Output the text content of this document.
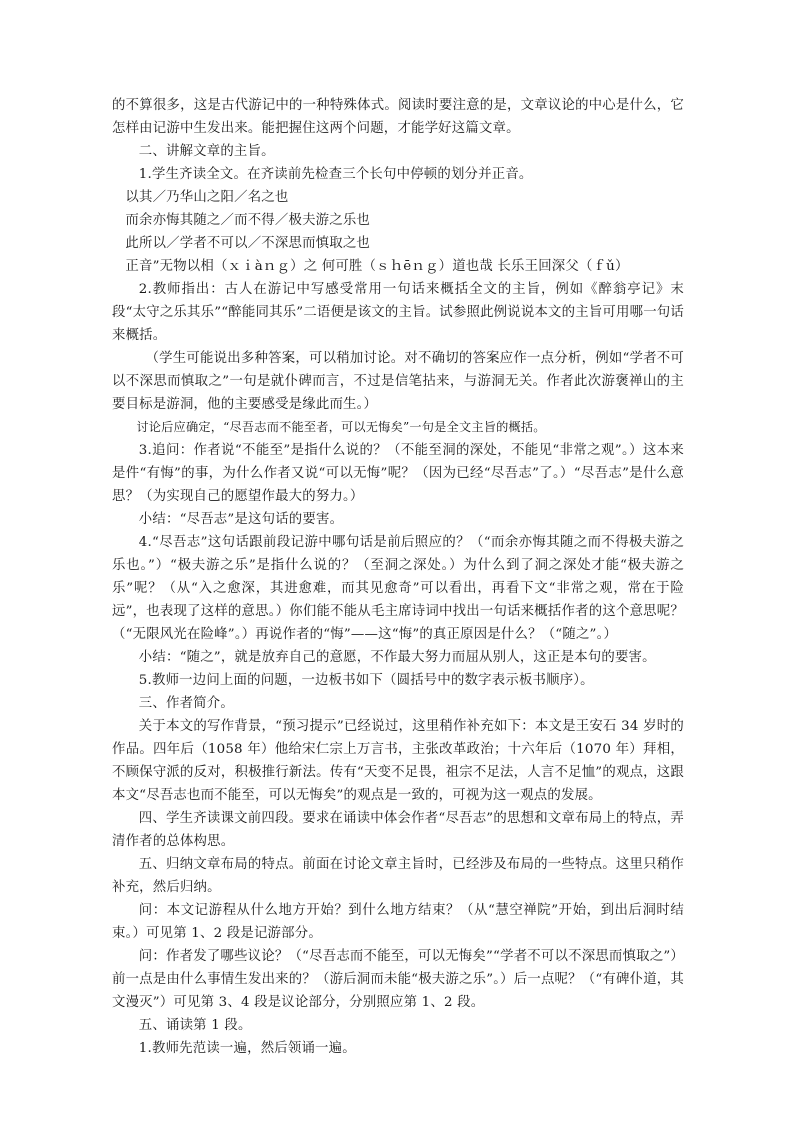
的不算很多，这是古代游记中的一种特殊体式。阅读时要注意的是，文章议论的中心是什么，它怎样由记游中生发出来。能把握住这两个问题，才能学好这篇文章。

二、讲解文章的主旨。

1.学生齐读全文。在齐读前先检查三个长句中停顿的划分并正音。

以其／乃华山之阳／名之也

而余亦悔其随之／而不得／极夫游之乐也

此所以／学者不可以／不深思而慎取之也

正音”无物以相（ｘｉàｎｇ）之 何可胜（ｓｈēｎｇ）道也哉 长乐王回深父（ｆǔ）

2.教师指出：古人在游记中写感受常用一句话来概括全文的主旨，例如《醉翁亭记》末段“太守之乐其乐”“醉能同其乐”二语便是该文的主旨。试参照此例说说本文的主旨可用哪一句话来概括。

（学生可能说出多种答案，可以稍加讨论。对不确切的答案应作一点分析，例如“学者不可以不深思而慎取之”一句是就仆碑而言，不过是信笔拈来，与游洞无关。作者此次游褒禅山的主要目标是游洞，他的主要感受是缘此而生。）

讨论后应确定，“尽吾志而不能至者，可以无悔矣”一句是全文主旨的概括。

3.追问：作者说“不能至”是指什么说的？（不能至洞的深处，不能见“非常之观”。）这本来是件“有悔”的事，为什么作者又说“可以无悔”呢？（因为已经“尽吾志”了。）“尽吾志”是什么意思？（为实现自己的愿望作最大的努力。）

小结：“尽吾志”是这句话的要害。

4.“尽吾志”这句话跟前段记游中哪句话是前后照应的？（“而余亦悔其随之而不得极夫游之乐也。”）“极夫游之乐”是指什么说的？（至洞之深处。）为什么到了洞之深处才能“极夫游之乐”呢？（从“入之愈深，其进愈难，而其见愈奇”可以看出，再看下文“非常之观，常在于险远”，也表现了这样的意思。）你们能不能从毛主席诗词中找出一句话来概括作者的这个意思呢？（“无限风光在险峰”。）再说作者的“悔”——这“悔”的真正原因是什么？（“随之”。）

小结：“随之”，就是放弃自己的意愿，不作最大努力而屈从别人，这正是本句的要害。

5.教师一边问上面的问题，一边板书如下（圆括号中的数字表示板书顺序）。

三、作者简介。

关于本文的写作背景，“预习提示”已经说过，这里稍作补充如下：本文是王安石 34 岁时的作品。四年后（1058 年）他给宋仁宗上万言书，主张改革政治；十六年后（1070 年）拜相，不顾保守派的反对，积极推行新法。传有“天变不足畏，祖宗不足法，人言不足恤”的观点，这跟本文“尽吾志也而不能至，可以无悔矣”的观点是一致的，可视为这一观点的发展。

四、学生齐读课文前四段。要求在诵读中体会作者“尽吾志”的思想和文章布局上的特点，弄清作者的总体构思。

五、归纳文章布局的特点。前面在讨论文章主旨时，已经涉及布局的一些特点。这里只稍作补充，然后归纳。

问：本文记游程从什么地方开始？到什么地方结束？（从“慧空禅院”开始，到出后洞时结束。）可见第 1、2 段是记游部分。

问：作者发了哪些议论？（“尽吾志而不能至，可以无悔矣”“学者不可以不深思而慎取之”）前一点是由什么事情生发出来的？（游后洞而未能“极夫游之乐”。）后一点呢？（“有碑仆道，其文漫灭”）可见第 3、4 段是议论部分，分别照应第 1、2 段。

五、诵读第 1 段。

1.教师先范读一遍，然后领诵一遍。
